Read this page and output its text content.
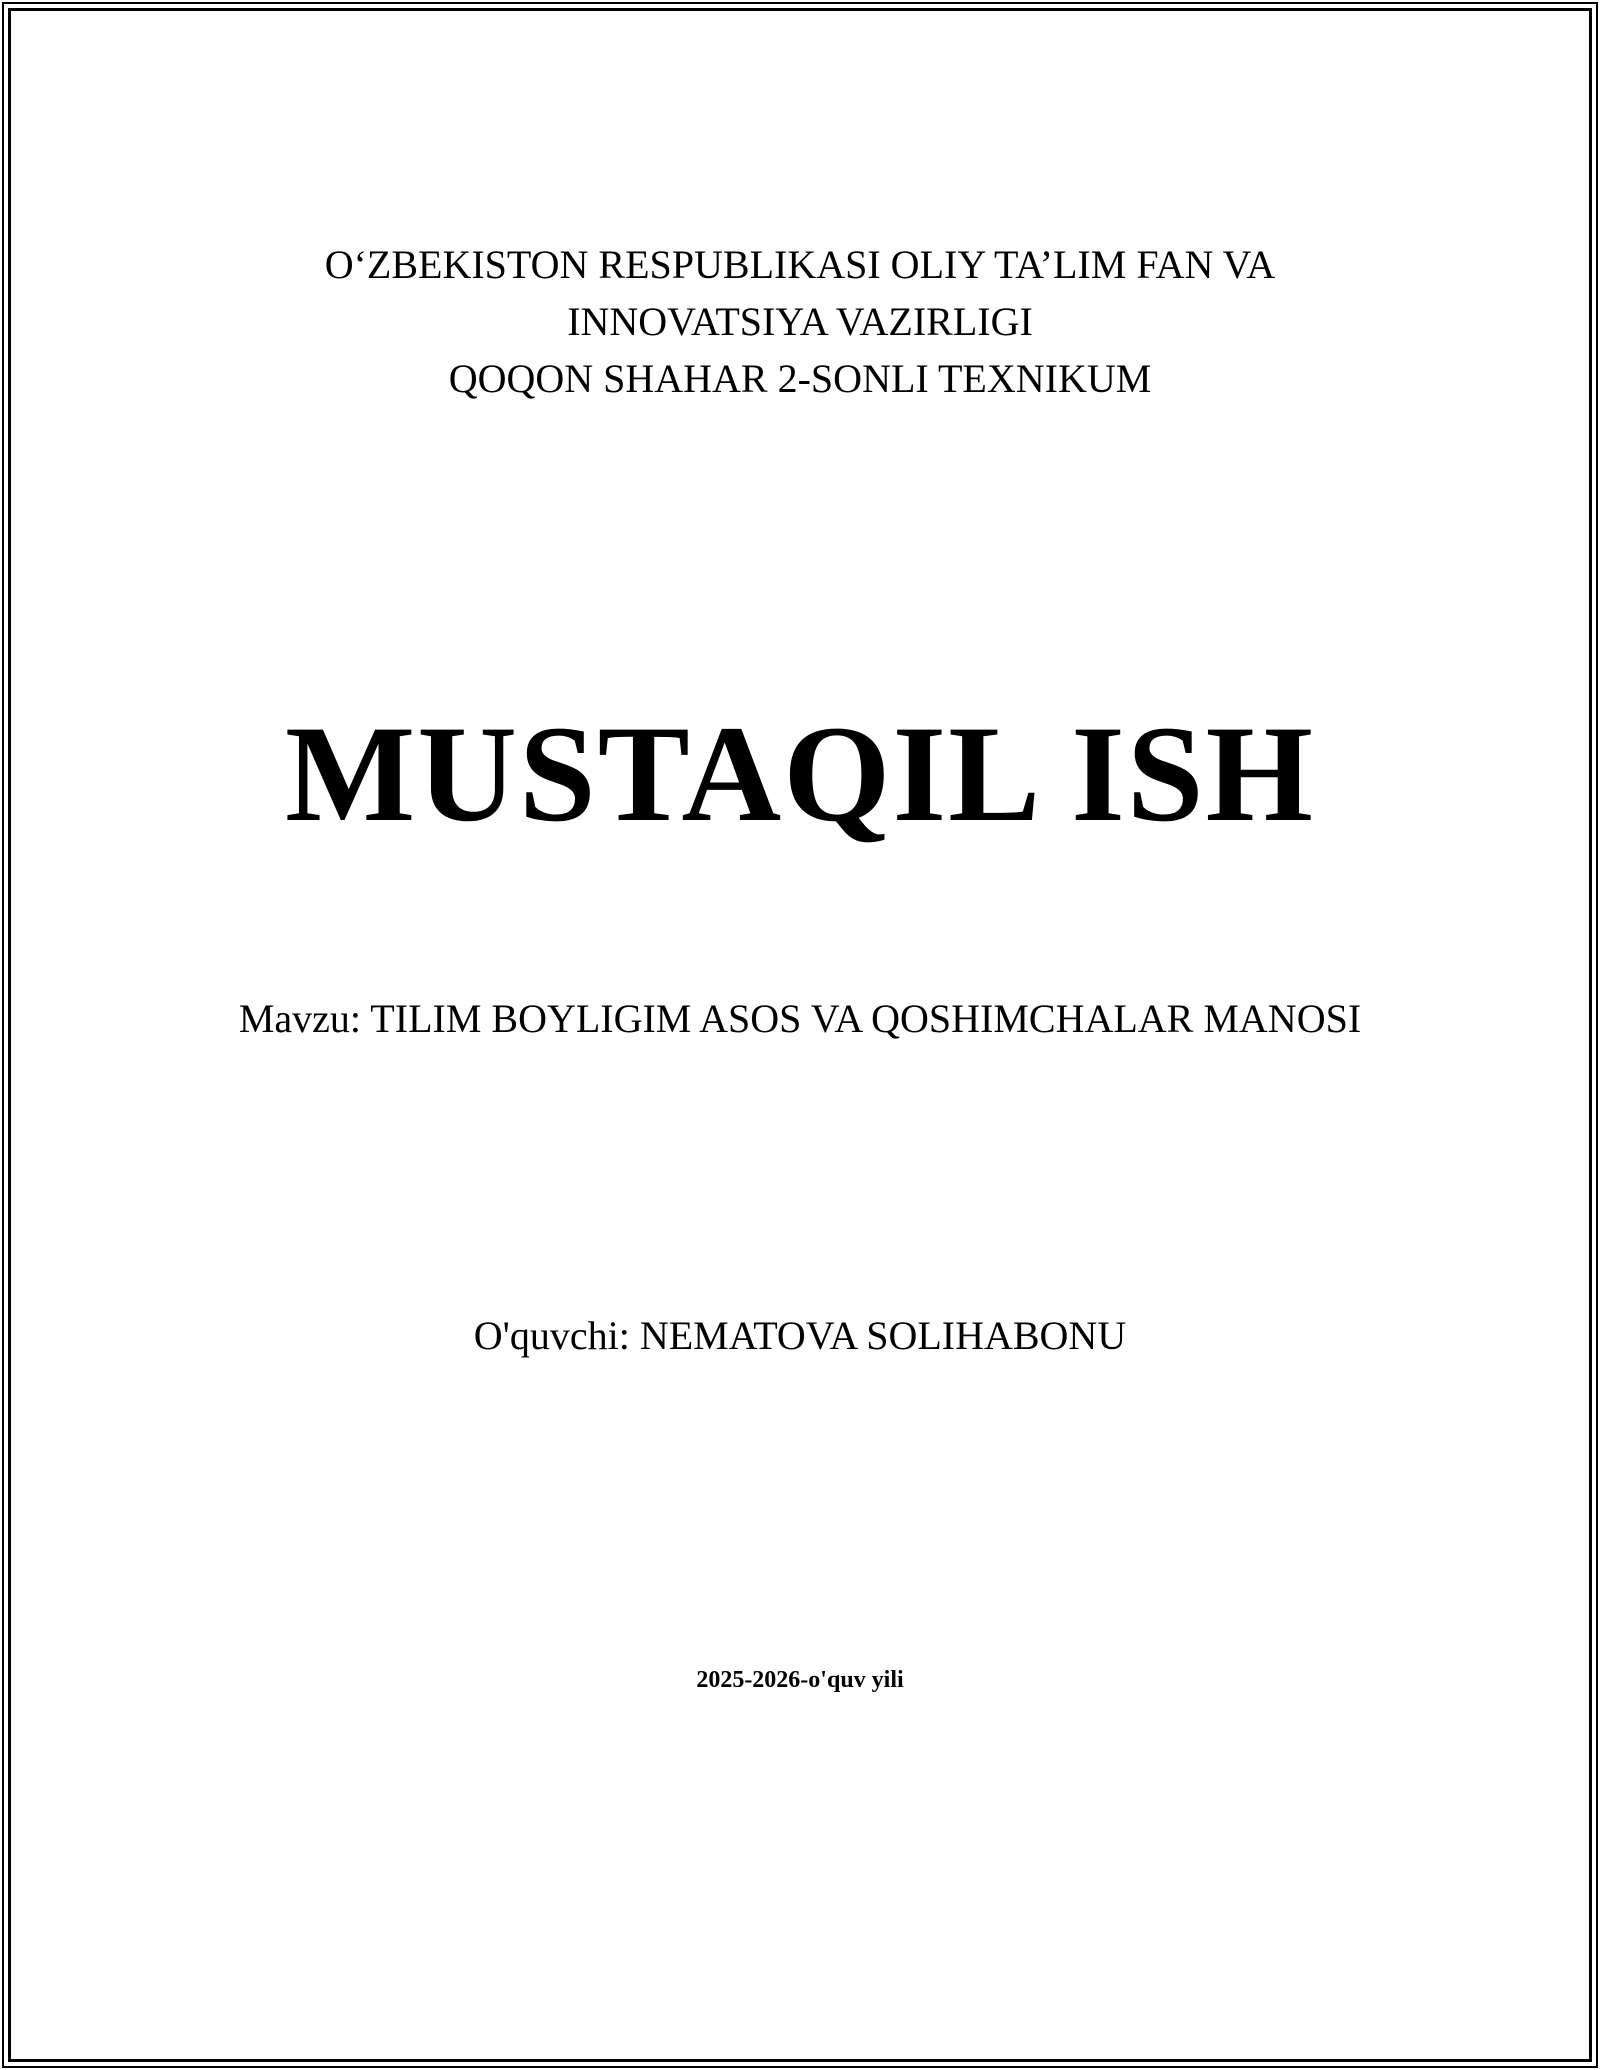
O‘ZBEKISTON RESPUBLIKASI OLIY TA’LIM FAN VA
INNOVATSIYA VAZIRLIGI
QOQON SHAHAR 2-SONLI TEXNIKUM
MUSTAQIL ISH
Mavzu: TILIM BOYLIGIM ASOS VA QOSHIMCHALAR MANOSI
O'quvchi: NEMATOVA SOLIHABONU
2025-2026-o'quv yili
